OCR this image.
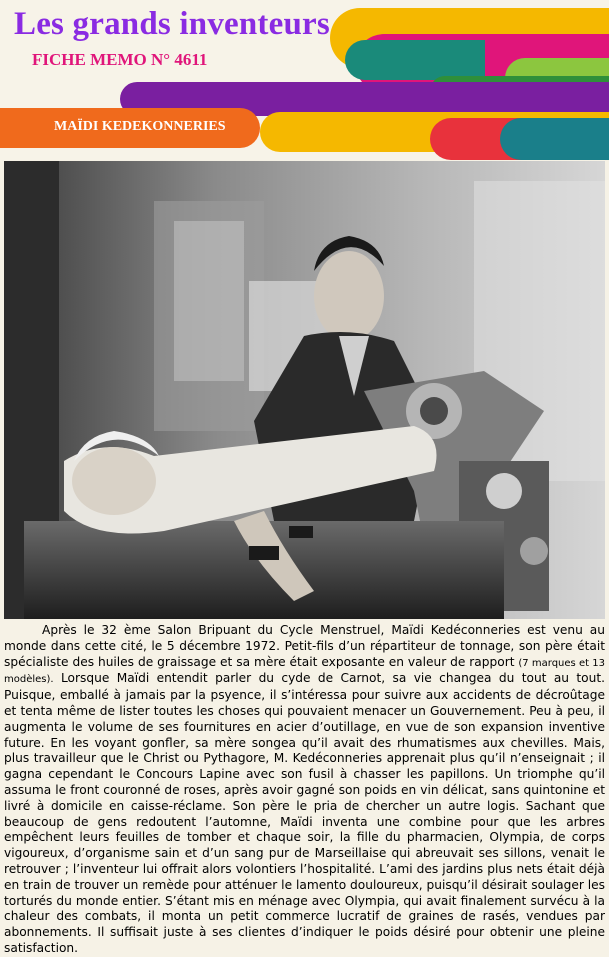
Les grands inventeurs
FICHE MEMO N° 4611
MAÏDI KEDEKONNERIES

Après le 32 ème Salon Bripuant du Cycle Menstruel, Maïdi Kedéconneries est venu au monde dans cette cité, le 5 décembre 1972. Petit-fils d’un répartiteur de tonnage, son père était spécialiste des huiles de graissage et sa mère était exposante en valeur de rapport (7 marques et 13 modèles). Lorsque Maïdi entendit parler du cyde de Carnot, sa vie changea du tout au tout. Puisque, emballé à jamais par la psyence, il s’intéressa pour suivre aux accidents de décroûtage et tenta même de lister toutes les choses qui pouvaient menacer un Gouvernement. Peu à peu, il augmenta le volume de ses fournitures en acier d’outillage, en vue de son expansion inventive future. En les voyant gonfler, sa mère songea qu’il avait des rhumatismes aux chevilles. Mais, plus travailleur que le Christ ou Pythagore, M. Kedéconneries apprenait plus qu’il n’enseignait ; il gagna cependant le Concours Lapine avec son fusil à chasser les papillons. Un triomphe qu’il assuma le front couronné de roses, après avoir gagné son poids en vin délicat, sans quintonine et livré à domicile en caisse-réclame. Son père le pria de chercher un autre logis. Sachant que beaucoup de gens redoutent l’automne, Maïdi inventa une combine pour que les arbres empêchent leurs feuilles de tomber et chaque soir, la fille du pharmacien, Olympia, de corps vigoureux, d’organisme sain et d’un sang pur de Marseillaise qui abreuvait ses sillons, venait le retrouver ; l’inventeur lui offrait alors volontiers l’hospitalité. L’ami des jardins plus nets était déjà en train de trouver un remède pour atténuer le lamento douloureux, puisqu’il désirait soulager les torturés du monde entier. S’étant mis en ménage avec Olympia, qui avait finalement survécu à la chaleur des combats, il monta un petit commerce lucratif de graines de rasés, vendues par abonnements. Il suffisait juste à ses clientes d’indiquer le poids désiré pour obtenir une pleine satisfaction.
